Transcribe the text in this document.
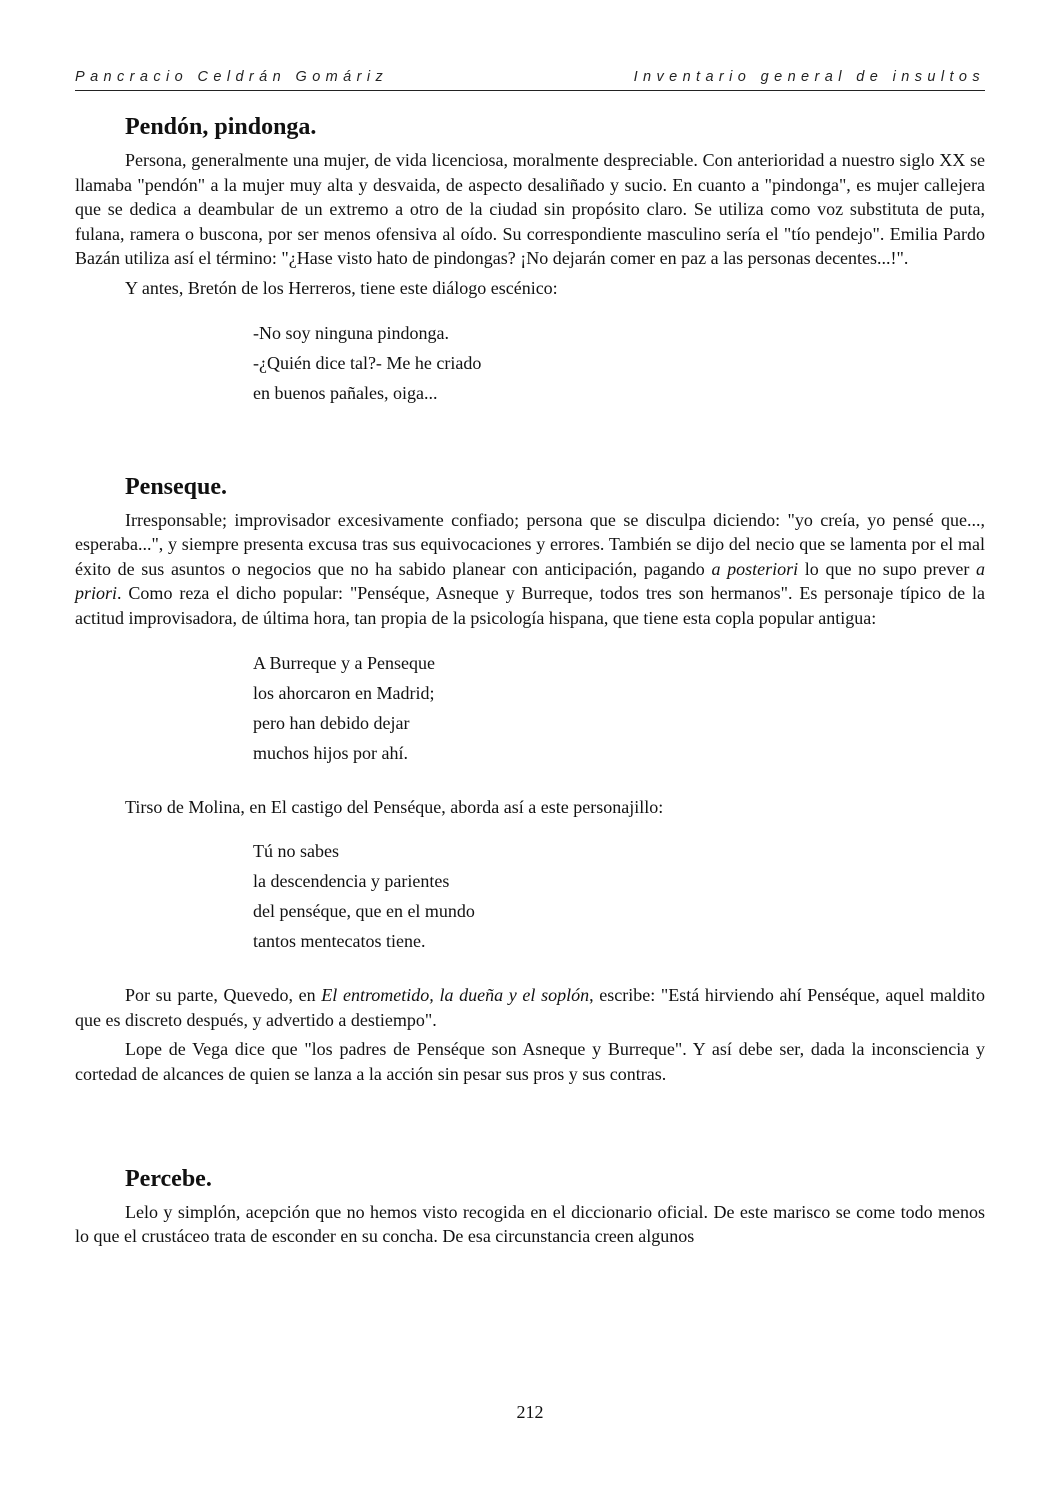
Pancracio Celdrán Gomáriz	Inventario general de insultos
Pendón, pindonga.

Persona, generalmente una mujer, de vida licenciosa, moralmente despreciable. Con anterioridad a nuestro siglo XX se llamaba "pendón" a la mujer muy alta y desvaida, de aspecto desaliñado y sucio. En cuanto a "pindonga", es mujer callejera que se dedica a deambular de un extremo a otro de la ciudad sin propósito claro. Se utiliza como voz substituta de puta, fulana, ramera o buscona, por ser menos ofensiva al oído. Su correspondiente masculino sería el "tío pendejo". Emilia Pardo Bazán utiliza así el término: "¿Hase visto hato de pindongas? ¡No dejarán comer en paz a las personas decentes...!".

Y antes, Bretón de los Herreros, tiene este diálogo escénico:

-No soy ninguna pindonga.
-¿Quién dice tal?- Me he criado
en buenos pañales, oiga...
Penseque.

Irresponsable; improvisador excesivamente confiado; persona que se disculpa diciendo: "yo creía, yo pensé que..., esperaba...", y siempre presenta excusa tras sus equivocaciones y errores. También se dijo del necio que se lamenta por el mal éxito de sus asuntos o negocios que no ha sabido planear con anticipación, pagando a posteriori lo que no supo prever a priori. Como reza el dicho popular: "Penséque, Asneque y Burreque, todos tres son hermanos". Es personaje típico de la actitud improvisadora, de última hora, tan propia de la psicología hispana, que tiene esta copla popular antigua:

A Burreque y a Penseque
los ahorcaron en Madrid;
pero han debido dejar
muchos hijos por ahí.

Tirso de Molina, en El castigo del Penséque, aborda así a este personajillo:

Tú no sabes
la descendencia y parientes
del penséque, que en el mundo
tantos mentecatos tiene.

Por su parte, Quevedo, en El entrometido, la dueña y el soplón, escribe: "Está hirviendo ahí Penséque, aquel maldito que es discreto después, y advertido a destiempo".

Lope de Vega dice que "los padres de Penséque son Asneque y Burreque". Y así debe ser, dada la inconsciencia y cortedad de alcances de quien se lanza a la acción sin pesar sus pros y sus contras.

Percebe.

Lelo y simplón, acepción que no hemos visto recogida en el diccionario oficial. De este marisco se come todo menos lo que el crustáceo trata de esconder en su concha. De esa circunstancia creen algunos

212
